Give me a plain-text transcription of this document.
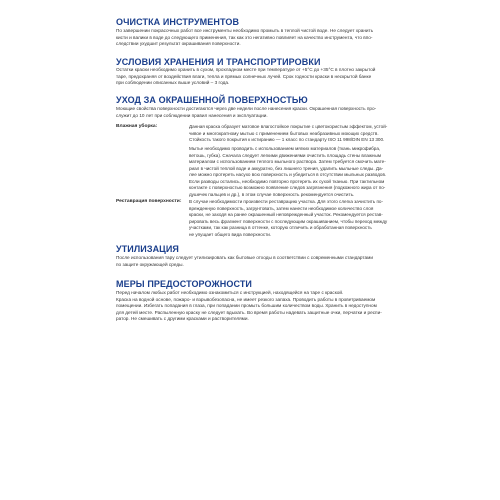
ОЧИСТКА ИНСТРУМЕНТОВ

По завершении покрасочных работ все инструменты необходимо промыть в теплой чистой воде. Не следует хранить
кисти и валики в воде до следующего применения, так как это негативно повлияет на качество инструмента, что впо-
следствии ухудшит результат окрашивания поверхности.

УСЛОВИЯ ХРАНЕНИЯ И ТРАНСПОРТИРОВКИ

Остатки краски необходимо хранить в сухом, прохладном месте при температуре от +5°С до +35°С в плотно закрытой
таре, предохраняя от воздействия влаги, тепла и прямых солнечных лучей. Срок годности краски в нескрытой банке
при соблюдении описанных выше условий – 3 года.

УХОД ЗА ОКРАШЕННОЙ ПОВЕРХНОСТЬЮ

Моющие свойства поверхности достигаются через две недели после нанесения краски. Окрашенная поверхность про-
служит до 10 лет при соблюдении правил нанесения и эксплуатации.

Влажная уборка:	Данная краска образует матовое влагостойкое покрытие с цветокористым эффектом, устой-
чивое и многократному мытью с применением бытовых неабразивных моющих средств.
Стойкость такого покрытия к истиранию — 1 класс по стандарту ISO 11 998/DIN EN 13 300.

Мытье необходимо проводить с использованием мягких материалов (ткань микрофибра,
ветошь, губка). Сначала следует легкими движениями очистить площадь стены влажным
материалом с использованием теплого мыльного раствора. Затем требуется смочить мате-
риал в чистой теплой воде и аккуратно, без лишнего трения, удалить мыльные следы. Да-
лее можно протереть насухо всю поверхность и убедиться в отсутствии мыльных разводов.
Если разводы остались, необходимо повторно протереть их сухой тканью. При тактильном
контакте с поверхностью возможно появление следов загрязнения (подкожного жира от по-
душечек пальцев и др.), в этом случае поверхность рекомендуется очистить.

Реставрация поверхности:	В случае необходимости произвести реставрацию участка. Для этого слегка зачистить по-
врежденную поверхность, загрунтовать, затем нанести необходимое количество слоя
краски, не заходя на ранее окрашенный неповрежденный участок. Рекомендуется рестав-
рировать весь фрагмент поверхности с последующим окрашиванием, чтобы переход между
участками, так как разница в оттенке, которую отличить и обработанная поверхность
не упущает общего вида поверхности.

УТИЛИЗАЦИЯ

После использования тару следует утилизировать как бытовые отходы в соответствии с современными стандартами
по защите окружающей среды.

МЕРЫ ПРЕДОСТОРОЖНОСТИ

Перед началом любых работ необходимо ознакомиться с инструкцией, находящейся на таре с краской.
Краска на водной основе, пожаро- и взрывобезопасна, не имеет резкого запаха. Проводить работы в проветриваемом
помещении. Избегать попадания в глаза, при попадании промыть большим количеством воды. Хранить в недоступном
для детей месте. Распыленную краску не следует вдыхать. Во время работы надевать защитные очки, перчатки и респи-
ратор. Не смешивать с другими красками и растворителями.
